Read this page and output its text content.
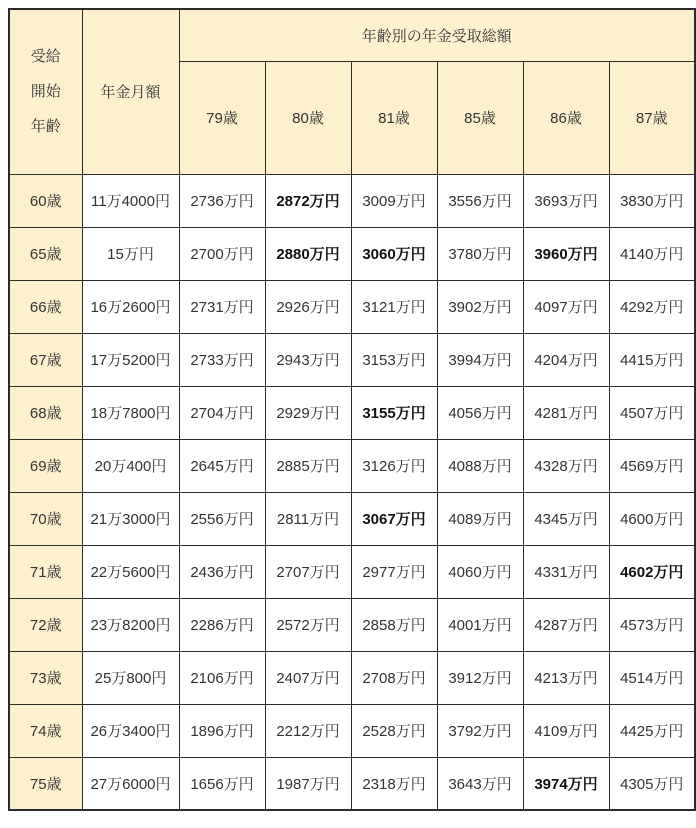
受給
開始
年齢	年金月額	年齢別の年金受取総額					
		79歳	80歳	81歳	85歳	86歳	87歳
60歳	11万4000円	2736万円	2872万円	3009万円	3556万円	3693万円	3830万円
65歳	15万円	2700万円	2880万円	3060万円	3780万円	3960万円	4140万円
66歳	16万2600円	2731万円	2926万円	3121万円	3902万円	4097万円	4292万円
67歳	17万5200円	2733万円	2943万円	3153万円	3994万円	4204万円	4415万円
68歳	18万7800円	2704万円	2929万円	3155万円	4056万円	4281万円	4507万円
69歳	20万400円	2645万円	2885万円	3126万円	4088万円	4328万円	4569万円
70歳	21万3000円	2556万円	2811万円	3067万円	4089万円	4345万円	4600万円
71歳	22万5600円	2436万円	2707万円	2977万円	4060万円	4331万円	4602万円
72歳	23万8200円	2286万円	2572万円	2858万円	4001万円	4287万円	4573万円
73歳	25万800円	2106万円	2407万円	2708万円	3912万円	4213万円	4514万円
74歳	26万3400円	1896万円	2212万円	2528万円	3792万円	4109万円	4425万円
75歳	27万6000円	1656万円	1987万円	2318万円	3643万円	3974万円	4305万円
